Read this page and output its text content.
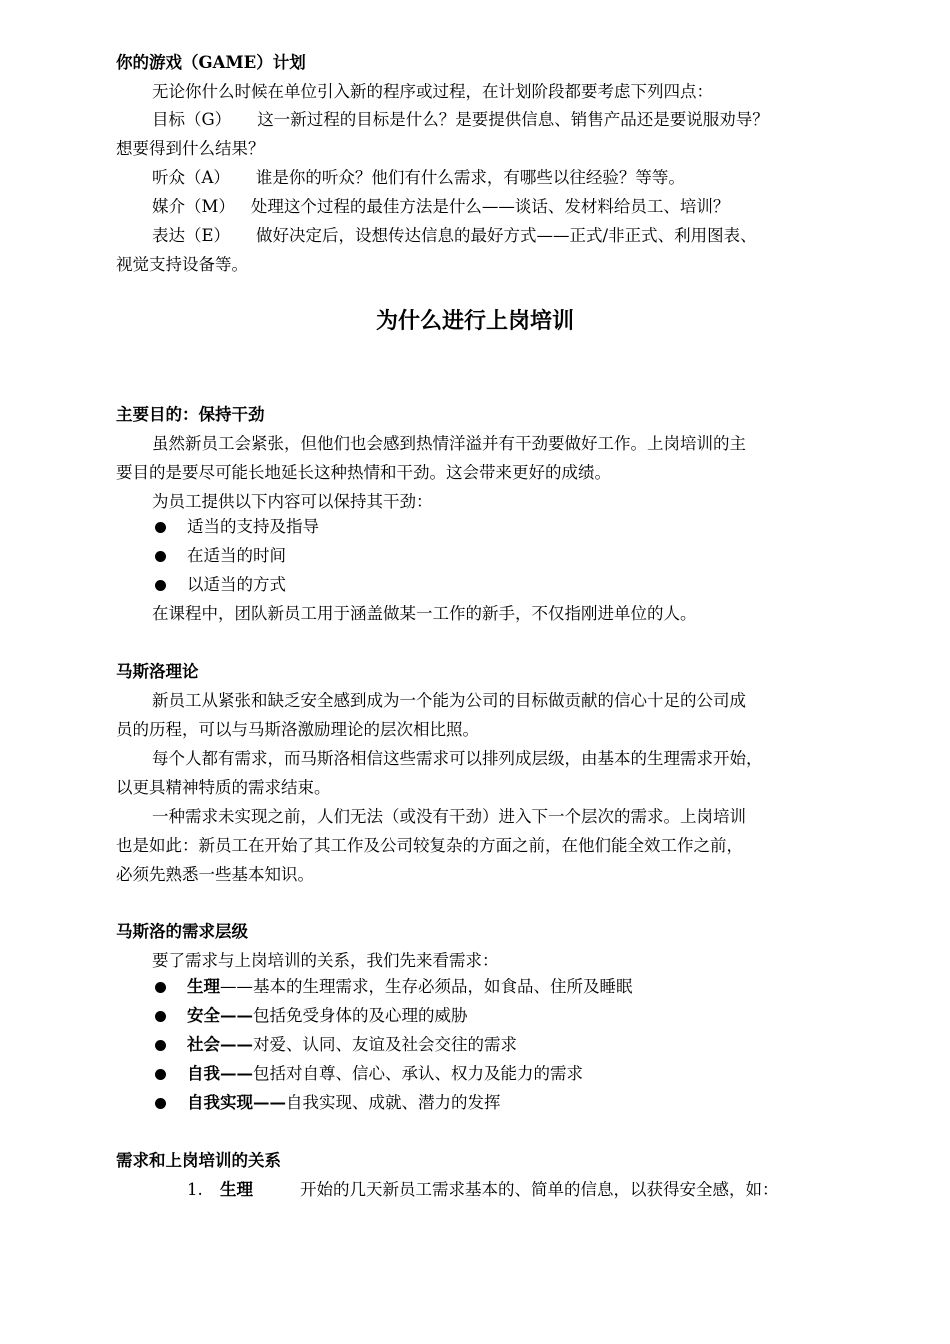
你的游戏（GAME）计划
无论你什么时候在单位引入新的程序或过程，在计划阶段都要考虑下列四点：
目标（G） 这一新过程的目标是什么？是要提供信息、销售产品还是要说服劝导？
想要得到什么结果？
听众（A） 谁是你的听众？他们有什么需求，有哪些以往经验？等等。
媒介（M） 处理这个过程的最佳方法是什么——谈话、发材料给员工、培训？
表达（E） 做好决定后，设想传达信息的最好方式——正式/非正式、利用图表、
视觉支持设备等。
为什么进行上岗培训
主要目的：保持干劲
虽然新员工会紧张，但他们也会感到热情洋溢并有干劲要做好工作。上岗培训的主
要目的是要尽可能长地延长这种热情和干劲。这会带来更好的成绩。
为员工提供以下内容可以保持其干劲：
适当的支持及指导
在适当的时间
以适当的方式
在课程中，团队新员工用于涵盖做某一工作的新手，不仅指刚进单位的人。
马斯洛理论
新员工从紧张和缺乏安全感到成为一个能为公司的目标做贡献的信心十足的公司成
员的历程，可以与马斯洛激励理论的层次相比照。
每个人都有需求，而马斯洛相信这些需求可以排列成层级，由基本的生理需求开始，
以更具精神特质的需求结束。
一种需求未实现之前，人们无法（或没有干劲）进入下一个层次的需求。上岗培训
也是如此：新员工在开始了其工作及公司较复杂的方面之前，在他们能全效工作之前，
必须先熟悉一些基本知识。
马斯洛的需求层级
要了需求与上岗培训的关系，我们先来看需求：
生理——基本的生理需求，生存必须品，如食品、住所及睡眠
安全——包括免受身体的及心理的威胁
社会——对爱、认同、友谊及社会交往的需求
自我——包括对自尊、信心、承认、权力及能力的需求
自我实现——自我实现、成就、潜力的发挥
需求和上岗培训的关系
1. 生理	开始的几天新员工需求基本的、简单的信息，以获得安全感，如：
